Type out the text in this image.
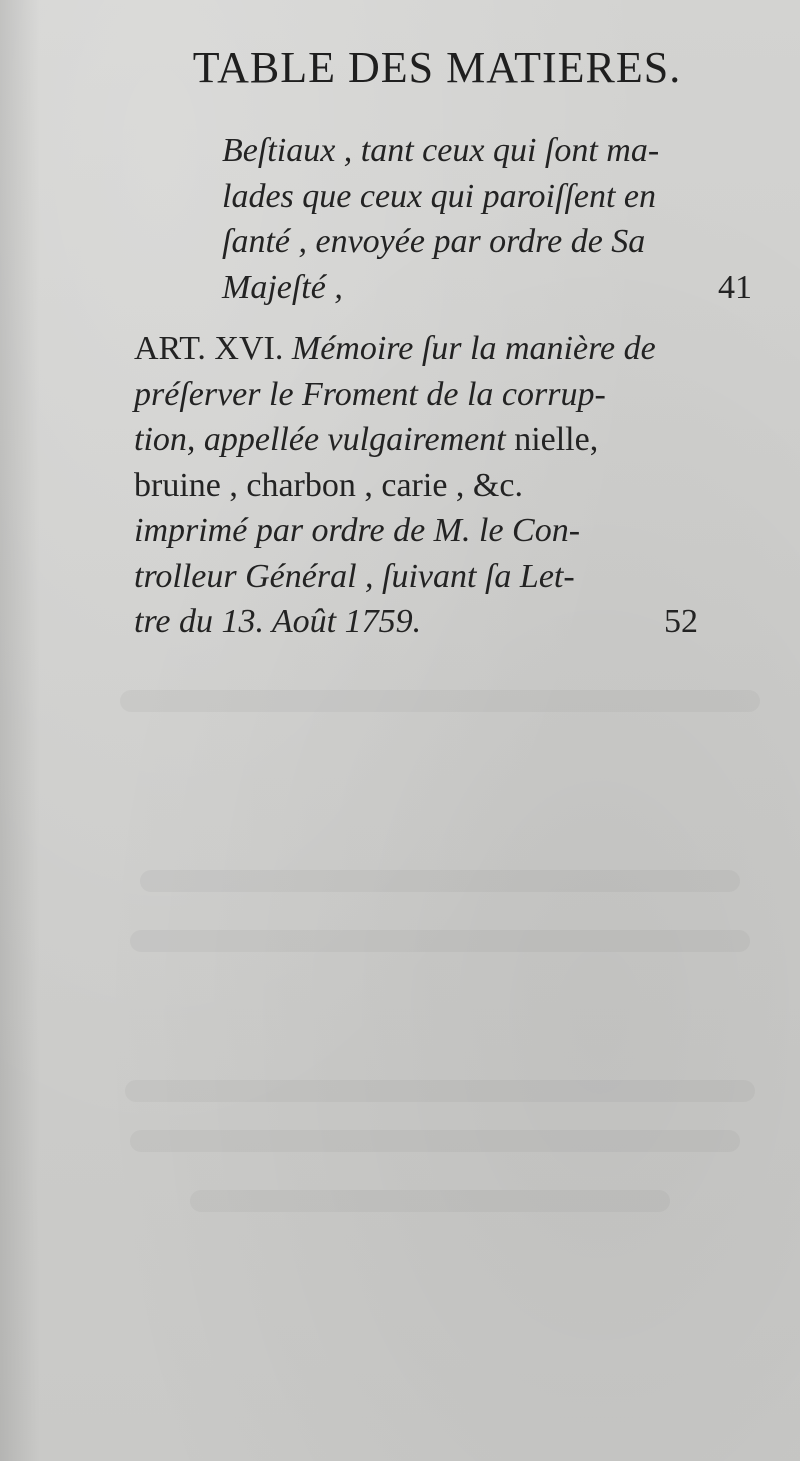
TABLE DES MATIERES.
Beſtiaux , tant ceux qui ſont ma-
lades que ceux qui paroiſſent en
ſanté , envoyée par ordre de Sa
Majeſté ,	41
ART. XVI. Mémoire ſur la manière de
préſerver le Froment de la corrup-
tion, appellée vulgairement nielle,
bruine , charbon , carie , &c.
imprimé par ordre de M. le Con-
trolleur Général , ſuivant ſa Let-
tre du 13. Août 1759.	52
